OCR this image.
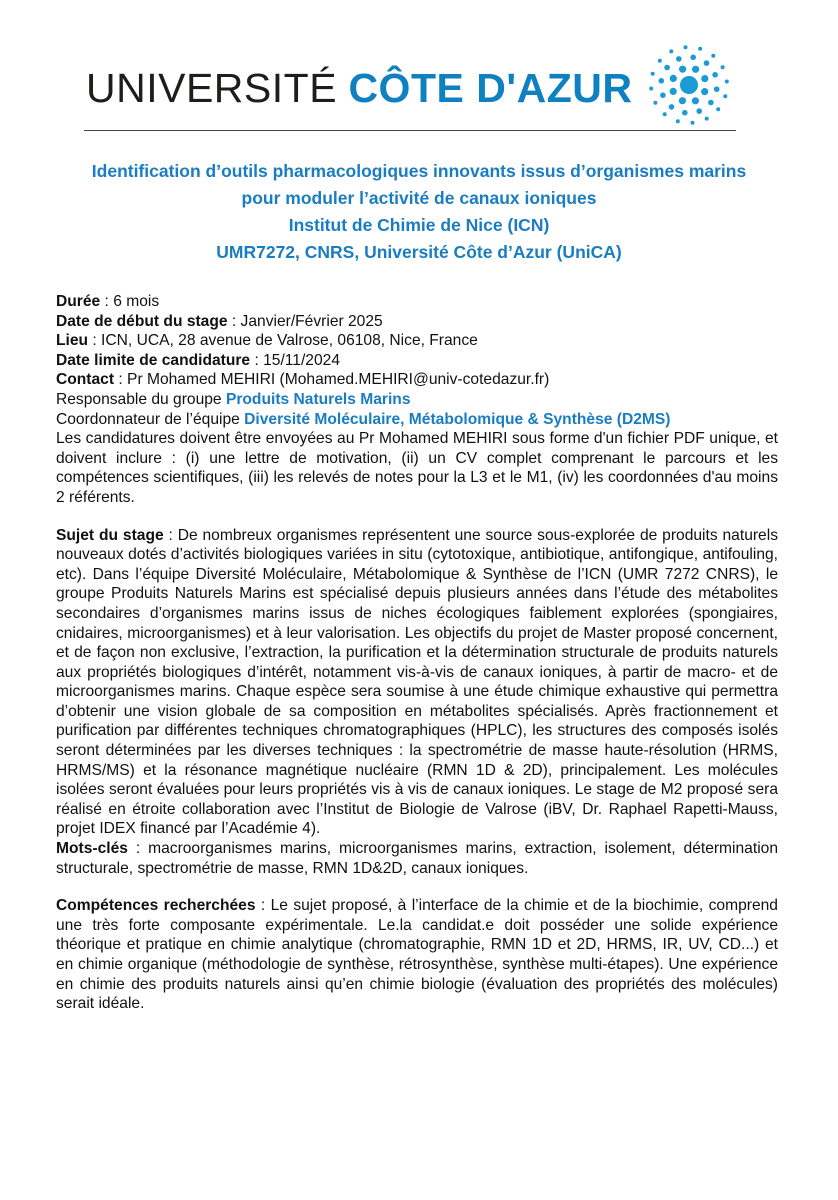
UNIVERSITÉ CÔTE D'AZUR
Identification d’outils pharmacologiques innovants issus d’organismes marins
pour moduler l’activité de canaux ioniques
Institut de Chimie de Nice (ICN)
UMR7272, CNRS, Université Côte d’Azur (UniCA)

Durée : 6 mois

Date de début du stage : Janvier/Février 2025

Lieu : ICN, UCA, 28 avenue de Valrose, 06108, Nice, France

Date limite de candidature : 15/11/2024

Contact : Pr Mohamed MEHIRI (Mohamed.MEHIRI@univ-cotedazur.fr)

Responsable du groupe Produits Naturels Marins

Coordonnateur de l’équipe Diversité Moléculaire, Métabolomique & Synthèse (D2MS)

Les candidatures doivent être envoyées au Pr Mohamed MEHIRI sous forme d'un fichier PDF unique, et doivent inclure : (i) une lettre de motivation, (ii) un CV complet comprenant le parcours et les compétences scientifiques, (iii) les relevés de notes pour la L3 et le M1, (iv) les coordonnées d'au moins 2 référents.

Sujet du stage : De nombreux organismes représentent une source sous-explorée de produits naturels nouveaux dotés d’activités biologiques variées in situ (cytotoxique, antibiotique, antifongique, antifouling, etc). Dans l’équipe Diversité Moléculaire, Métabolomique & Synthèse de l’ICN (UMR 7272 CNRS), le groupe Produits Naturels Marins est spécialisé depuis plusieurs années dans l’étude des métabolites secondaires d’organismes marins issus de niches écologiques faiblement explorées (spongiaires, cnidaires, microorganismes) et à leur valorisation. Les objectifs du projet de Master proposé concernent, et de façon non exclusive, l’extraction, la purification et la détermination structurale de produits naturels aux propriétés biologiques d’intérêt, notamment vis-à-vis de canaux ioniques, à partir de macro- et de microorganismes marins. Chaque espèce sera soumise à une étude chimique exhaustive qui permettra d’obtenir une vision globale de sa composition en métabolites spécialisés. Après fractionnement et purification par différentes techniques chromatographiques (HPLC), les structures des composés isolés seront déterminées par les diverses techniques : la spectrométrie de masse haute-résolution (HRMS, HRMS/MS) et la résonance magnétique nucléaire (RMN 1D & 2D), principalement. Les molécules isolées seront évaluées pour leurs propriétés vis à vis de canaux ioniques. Le stage de M2 proposé sera réalisé en étroite collaboration avec l’Institut de Biologie de Valrose (iBV, Dr. Raphael Rapetti-Mauss, projet IDEX financé par l’Académie 4).

Mots-clés : macroorganismes marins, microorganismes marins, extraction, isolement, détermination structurale, spectrométrie de masse, RMN 1D&2D, canaux ioniques.

Compétences recherchées : Le sujet proposé, à l’interface de la chimie et de la biochimie, comprend une très forte composante expérimentale. Le.la candidat.e doit posséder une solide expérience théorique et pratique en chimie analytique (chromatographie, RMN 1D et 2D, HRMS, IR, UV, CD...) et en chimie organique (méthodologie de synthèse, rétrosynthèse, synthèse multi-étapes). Une expérience en chimie des produits naturels ainsi qu’en chimie biologie (évaluation des propriétés des molécules) serait idéale.
